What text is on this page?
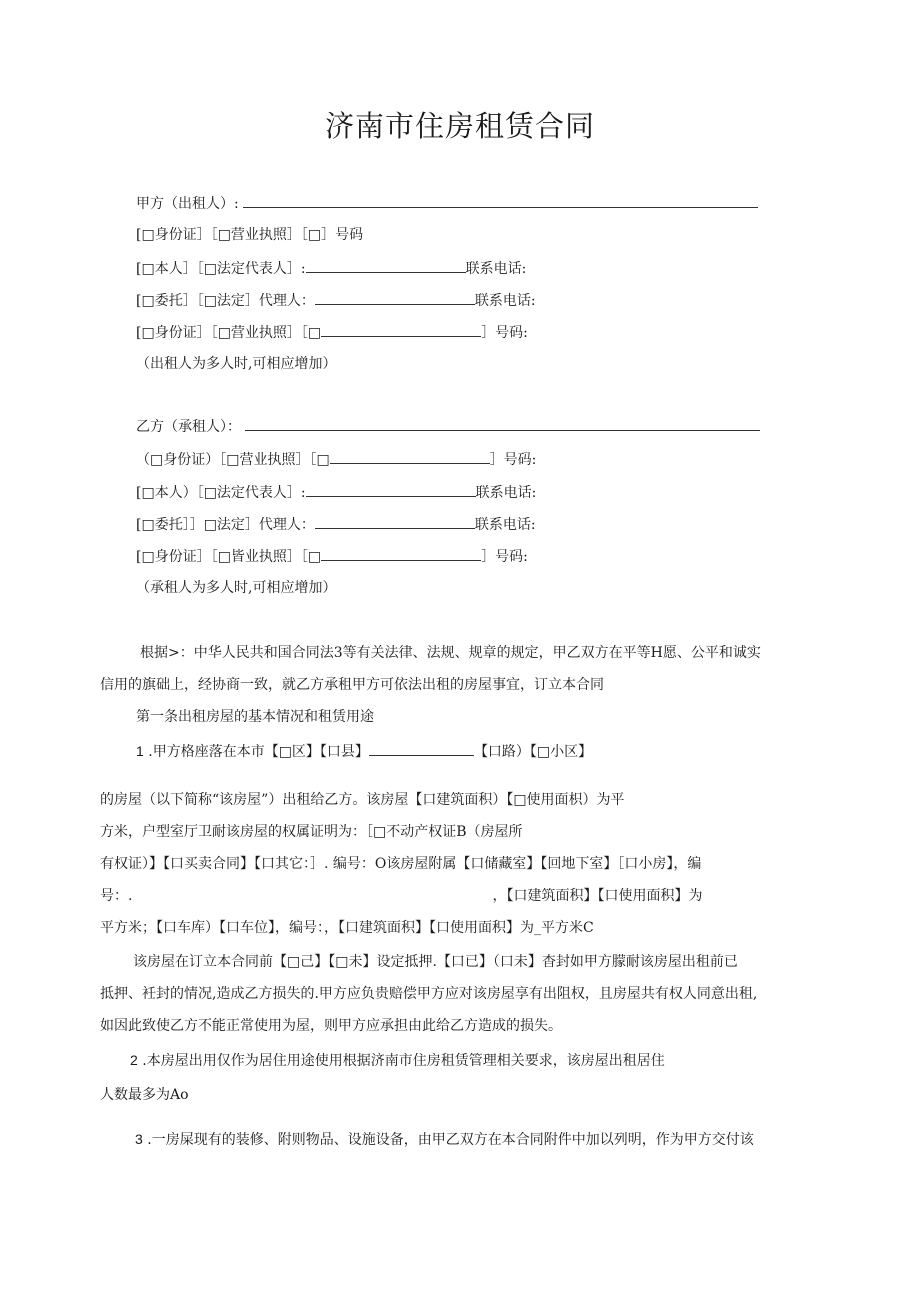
济南市住房租赁合同
甲方（出租人）:
[□身份证］［□营业执照］［□］号码
[□本人］［□法定代表人］:	联系电话:
[□委托］［□法定］代理人：	联系电话:
[□身份证］［□营业执照］［□	］号码:
（出租人为多人时,可相应增加）
乙方（承租人）：
（□身份证）［□营业执照］［□	］号码:
[□本人）［□法定代表人］:	联系电话:
[□委托］］□法定］代理人：	联系电话:
[□身份证］［□皆业执照］［□	］号码:
（承租人为多人时,可相应增加）
根据>：中华人民共和国合同法3等有关法律、法规、规章的规定，甲乙双方在平等H愿、公平和诚实
信用的旗础上，经协商一致，就乙方承租甲方可依法出租的房屋事宜，订立本合同
第一条出租房屋的基本情况和租赁用途
1 .甲方格座落在本市【□区】【口县】	【口路）【□小区】
的房屋（以下简称“该房屋”）出租给乙方。该房屋【口建筑面积）【□使用面枳）为平
方米，户型室厅卫耐该房屋的权属证明为：［□不动产权证B（房屋所
有权证）】【口买卖合同】【口其它：］. 编号：O该房屋附属【口储藏室】【回地下室】［口小房】，编
号：.	，【口建筑面积】【口使用面积】为
平方米；【口车库）【口车位】，编号：，【口建筑面积】【口使用面积】为_平方米C
该房屋在订立本合同前【□己】【□未】设定抵押.【口已】（口未】杳封如甲方朦耐该房屋出租前已
抵押、衽封的情况,造成乙方损失的.甲方应负贵赔偿甲方应对该房屋享有出阻权，且房屋共有权人同意出租,
如因此致使乙方不能正常使用为屋，则甲方应承担由此给乙方造成的损失。
2 .本房屋出用仅作为居住用途使用根据济南市住房租赁管理相关要求，该房屋出租居住
人数最多为Ao
3 .一房屎现有的装修、附则物品、设施设备，由甲乙双方在本合同附件中加以列明，作为甲方交付该
